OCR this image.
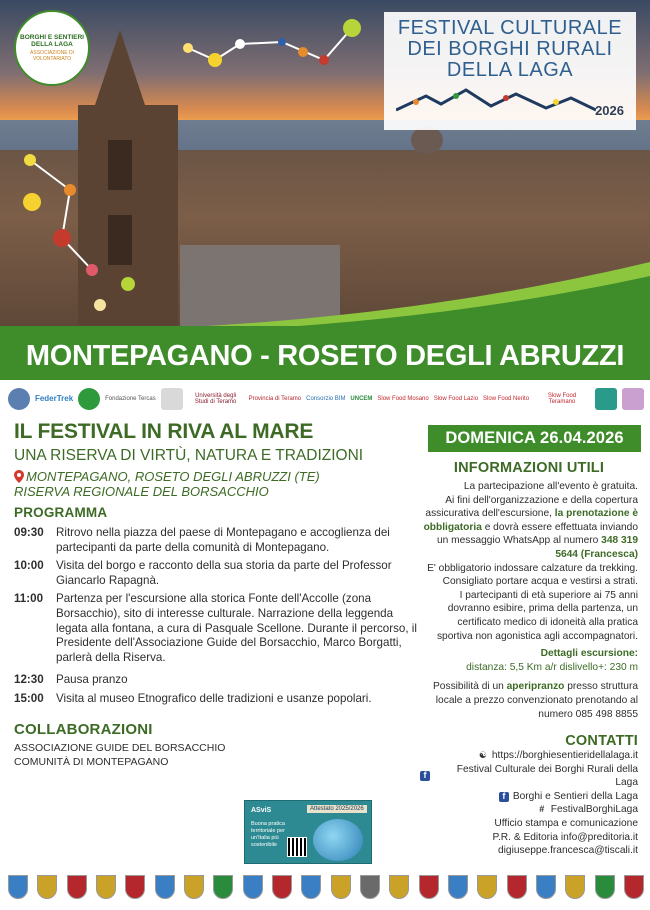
BORGHI E SENTIERI DELLA LAGA
ASSOCIAZIONE DI VOLONTARIATO
FESTIVAL CULTURALE
DEI BORGHI RURALI
DELLA LAGA
2026
MONTEPAGANO - ROSETO DEGLI ABRUZZI
FederTrek	Fondazione Tercas
Università degli Studi di Teramo
Provincia di Teramo Consorzio BIM UNCEM Slow Food Mosano Slow Food Lazio Slow Food Nerito
Slow Food Teramano
IL FESTIVAL IN RIVA AL MARE
UNA RISERVA DI VIRTÙ, NATURA E TRADIZIONI
MONTEPAGANO, ROSETO DEGLI ABRUZZI (TE)
RISERVA REGIONALE DEL BORSACCHIO
PROGRAMMA
09:30	Ritrovo nella piazza del paese di Montepagano e accoglienza dei partecipanti da parte della comunità di Montepagano.
10:00	Visita del borgo e racconto della sua storia da parte del Professor Giancarlo Rapagnà.
11:00	Partenza per l'escursione alla storica Fonte dell'Accolle (zona Borsacchio), sito di interesse culturale. Narrazione della leggenda legata alla fontana, a cura di Pasquale Scellone. Durante il percorso, il Presidente dell'Associazione Guide del Borsacchio, Marco Borgatti, parlerà della Riserva.
12:30	Pausa pranzo
15:00	Visita al museo Etnografico delle tradizioni e usanze popolari.
COLLABORAZIONI
ASSOCIAZIONE GUIDE DEL BORSACCHIO
COMUNITÀ DI MONTEPAGANO
DOMENICA 26.04.2026
INFORMAZIONI UTILI
La partecipazione all'evento è gratuita.
Ai fini dell'organizzazione e della copertura assicurativa dell'escursione, la prenotazione è obbligatoria e dovrà essere effettuata inviando un messaggio WhatsApp al numero 348 319 5644 (Francesca)
E' obbligatorio indossare calzature da trekking. Consigliato portare acqua e vestirsi a strati.
I partecipanti di età superiore ai 75 anni dovranno esibire, prima della partenza, un certificato medico di idoneità alla pratica sportiva non agonistica agli accompagnatori.
Dettagli escursione:
distanza: 5,5 Km a/r dislivello+: 230 m
Possibilità di un aperipranzo presso struttura locale a prezzo convenzionato prenotando al numero 085 498 8855
CONTATTI
☯ https://borghiesentieridellalaga.it
f
Festival Culturale dei Borghi Rurali della Laga
f Borghi e Sentieri della Laga
# FestivalBorghiLaga
Ufficio stampa e comunicazione
P.R. & Editoria info@preditoria.it
digiuseppe.francesca@tiscali.it
ASviS	Attestato 2025/2026
Buona pratica territoriale per un'Italia più sostenibile
